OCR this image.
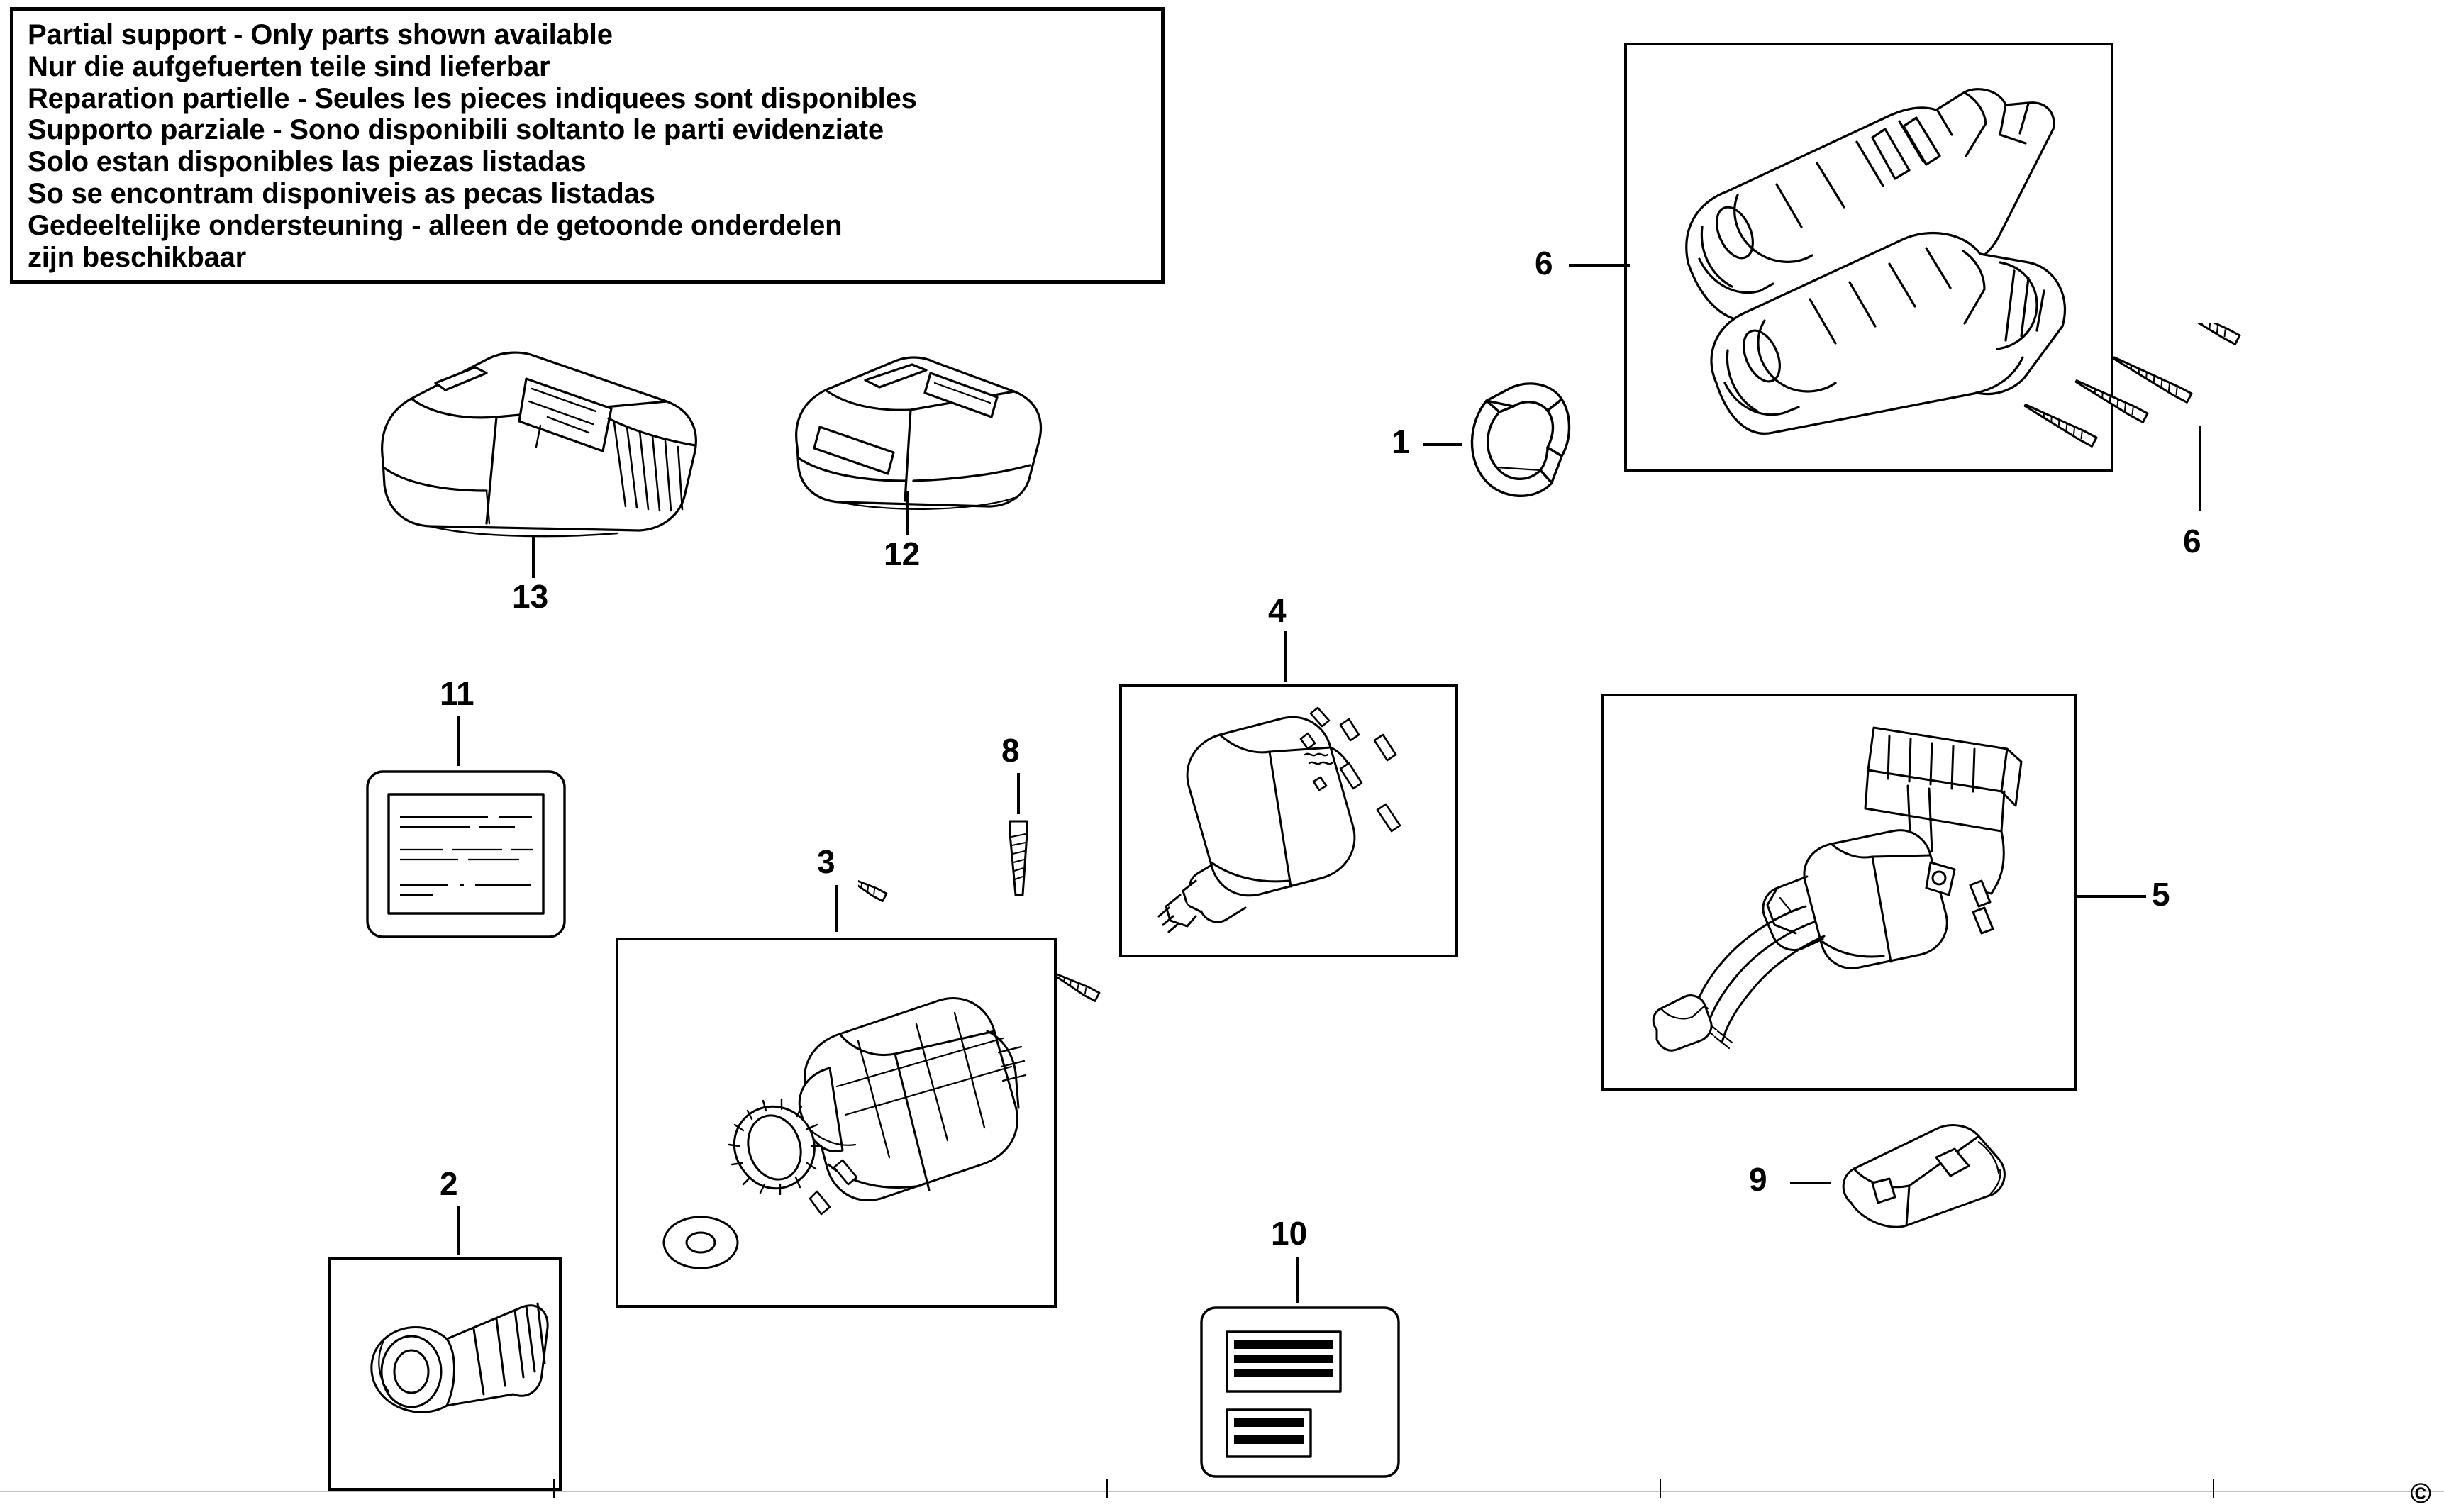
Partial support - Only parts shown available
Nur die aufgefuerten teile sind lieferbar
Reparation partielle - Seules les pieces indiquees sont disponibles
Supporto parziale - Sono disponibili soltanto le parti evidenziate
Solo estan disponibles las piezas listadas
So se encontram disponiveis as pecas listadas
Gedeeltelijke ondersteuning - alleen de getoonde onderdelen
zijn beschikbaar	6
6
1
13
12
11
4
5
8
3
2	9
10
©
